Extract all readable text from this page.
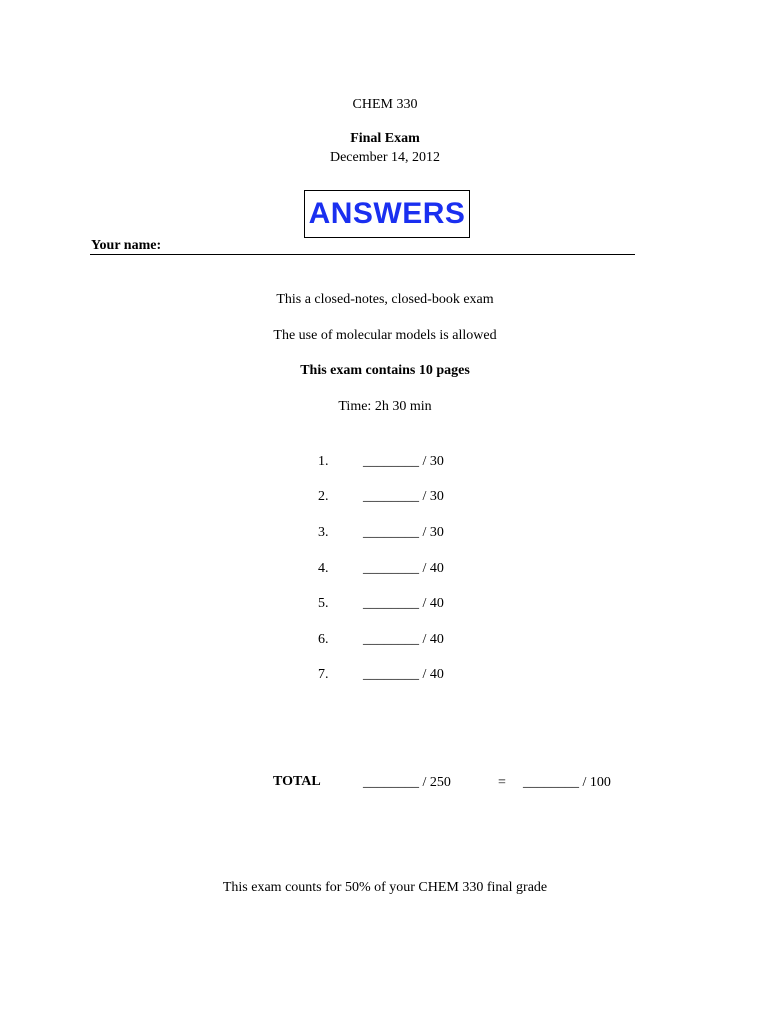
CHEM 330
Final Exam
December 14, 2012
ANSWERS
Your name:
This a closed-notes, closed-book exam
The use of molecular models is allowed
This exam contains 10 pages
Time: 2h 30 min
1.	________ / 30
2.	________ / 30
3.	________ / 30
4.	________ / 40
5.	________ / 40
6.	________ / 40
7.	________ / 40
TOTAL	________ / 250	= ________ / 100
This exam counts for 50% of your CHEM 330 final grade
